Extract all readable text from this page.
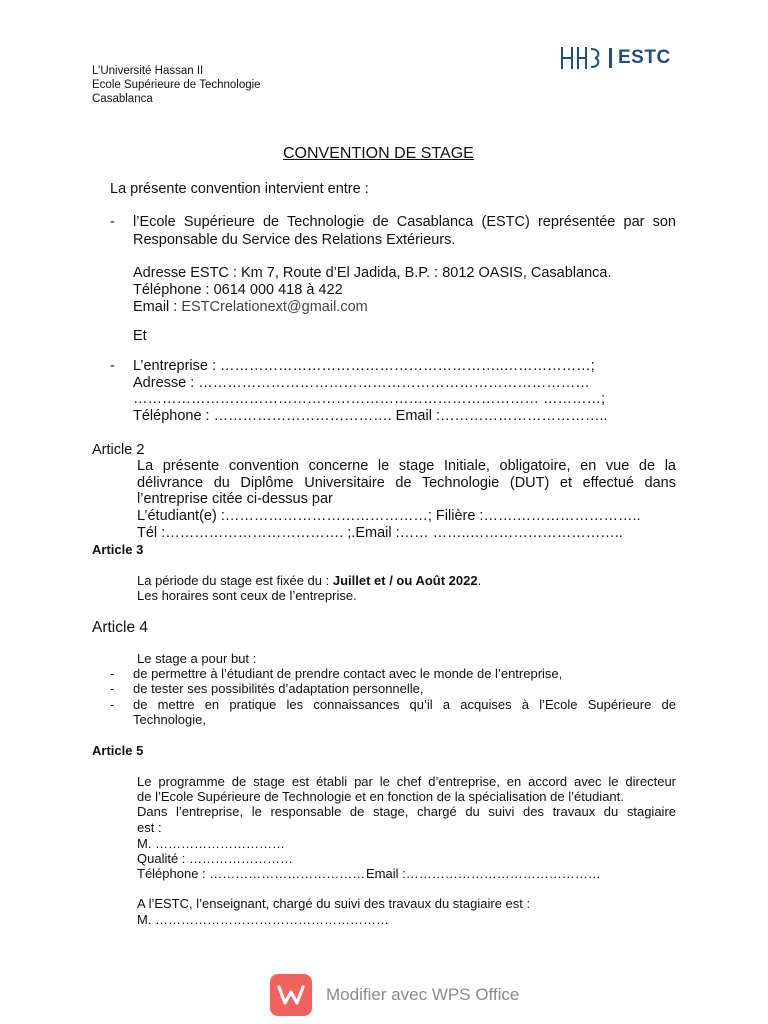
L’Université Hassan II
Ecole Supérieure de Technologie
Casablanca
ESTC
CONVENTION DE STAGE
La présente convention intervient entre :
- l’Ecole Supérieure de Technologie de Casablanca (ESTC) représentée par son
Responsable du Service des Relations Extérieurs.
Adresse ESTC : Km 7, Route d’El Jadida, B.P. : 8012 OASIS, Casablanca.
Téléphone : 0614 000 418 à 422
Email : ESTCrelationext@gmail.com
Et
- L’entreprise : …………………………………………………..………………;
Adresse : ………………………………………………………………………
………………………………………………………………………… …………;
Téléphone : ………………………………. Email :……………………………..
Article 2
La présente convention concerne le stage Initiale, obligatoire, en vue de la
délivrance du Diplôme Universitaire de Technologie (DUT) et effectué dans
l’entreprise citée ci-dessus par
L’étudiant(e) :……………………………………; Filière :…….……………………..
Tél :………………………………. ;.Email :…… ……..…………………………..
Article 3
La période du stage est fixée du : Juillet et / ou Août 2022.
Les horaires sont ceux de l’entreprise.
Article 4
Le stage a pour but :
- de permettre à l’étudiant de prendre contact avec le monde de l’entreprise,
- de tester ses possibilités d’adaptation personnelle,
- de mettre en pratique les connaissances qu’il a acquises à l’Ecole Supérieure de
Technologie,
Article 5
Le programme de stage est établi par le chef d’entreprise, en accord avec le directeur
de l’Ecole Supérieure de Technologie et en fonction de la spécialisation de l’étudiant.
Dans l’entreprise, le responsable de stage, chargé du suivi des travaux du stagiaire
est :
M. …………………………
Qualité : ……………………
Téléphone : ……………………………………
Email :………………………………………
A l’ESTC, l’enseignant, chargé du suivi des travaux du stagiaire est :
M. ………………………………………………
Modifier avec WPS Office
